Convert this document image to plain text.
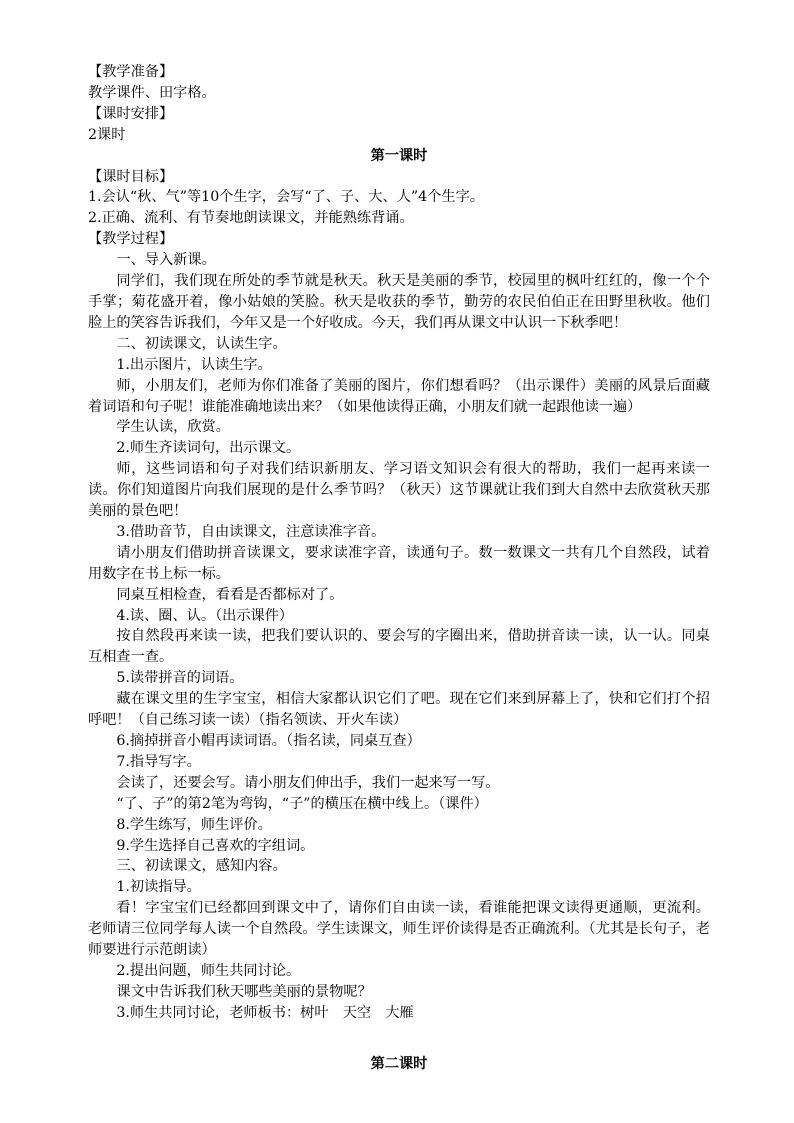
【教学准备】

教学课件、田字格。

【课时安排】

2课时

第一课时

【课时目标】

1.会认“秋、气”等10个生字，会写“了、子、大、人”4个生字。

2.正确、流利、有节奏地朗读课文，并能熟练背诵。

【教学过程】

一、导入新课。

同学们，我们现在所处的季节就是秋天。秋天是美丽的季节，校园里的枫叶红红的，像一个个手掌；菊花盛开着，像小姑娘的笑脸。秋天是收获的季节，勤劳的农民伯伯正在田野里秋收。他们脸上的笑容告诉我们，今年又是一个好收成。今天，我们再从课文中认识一下秋季吧！

二、初读课文，认读生字。

1.出示图片，认读生字。

师，小朋友们，老师为你们准备了美丽的图片，你们想看吗？（出示课件）美丽的风景后面藏着词语和句子呢！谁能准确地读出来？（如果他读得正确，小朋友们就一起跟他读一遍）

学生认读，欣赏。

2.师生齐读词句，出示课文。

师，这些词语和句子对我们结识新朋友、学习语文知识会有很大的帮助，我们一起再来读一读。你们知道图片向我们展现的是什么季节吗？（秋天）这节课就让我们到大自然中去欣赏秋天那美丽的景色吧！

3.借助音节，自由读课文，注意读准字音。

请小朋友们借助拼音读课文，要求读准字音，读通句子。数一数课文一共有几个自然段，试着用数字在书上标一标。

同桌互相检查，看看是否都标对了。

4.读、圈、认。（出示课件）

按自然段再来读一读，把我们要认识的、要会写的字圈出来，借助拼音读一读，认一认。同桌互相查一查。

5.读带拼音的词语。

藏在课文里的生字宝宝，相信大家都认识它们了吧。现在它们来到屏幕上了，快和它们打个招呼吧！（自己练习读一读）（指名领读、开火车读）

6.摘掉拼音小帽再读词语。（指名读，同桌互查）

7.指导写字。

会读了，还要会写。请小朋友们伸出手，我们一起来写一写。

“了、子”的第2笔为弯钩，“子”的横压在横中线上。（课件）

8.学生练写，师生评价。

9.学生选择自己喜欢的字组词。

三、初读课文，感知内容。

1.初读指导。

看！字宝宝们已经都回到课文中了，请你们自由读一读，看谁能把课文读得更通顺，更流利。老师请三位同学每人读一个自然段。学生读课文，师生评价读得是否正确流利。（尤其是长句子，老师要进行示范朗读）

2.提出问题，师生共同讨论。

课文中告诉我们秋天哪些美丽的景物呢？

3.师生共同讨论，老师板书：树叶　天空　大雁

第二课时
